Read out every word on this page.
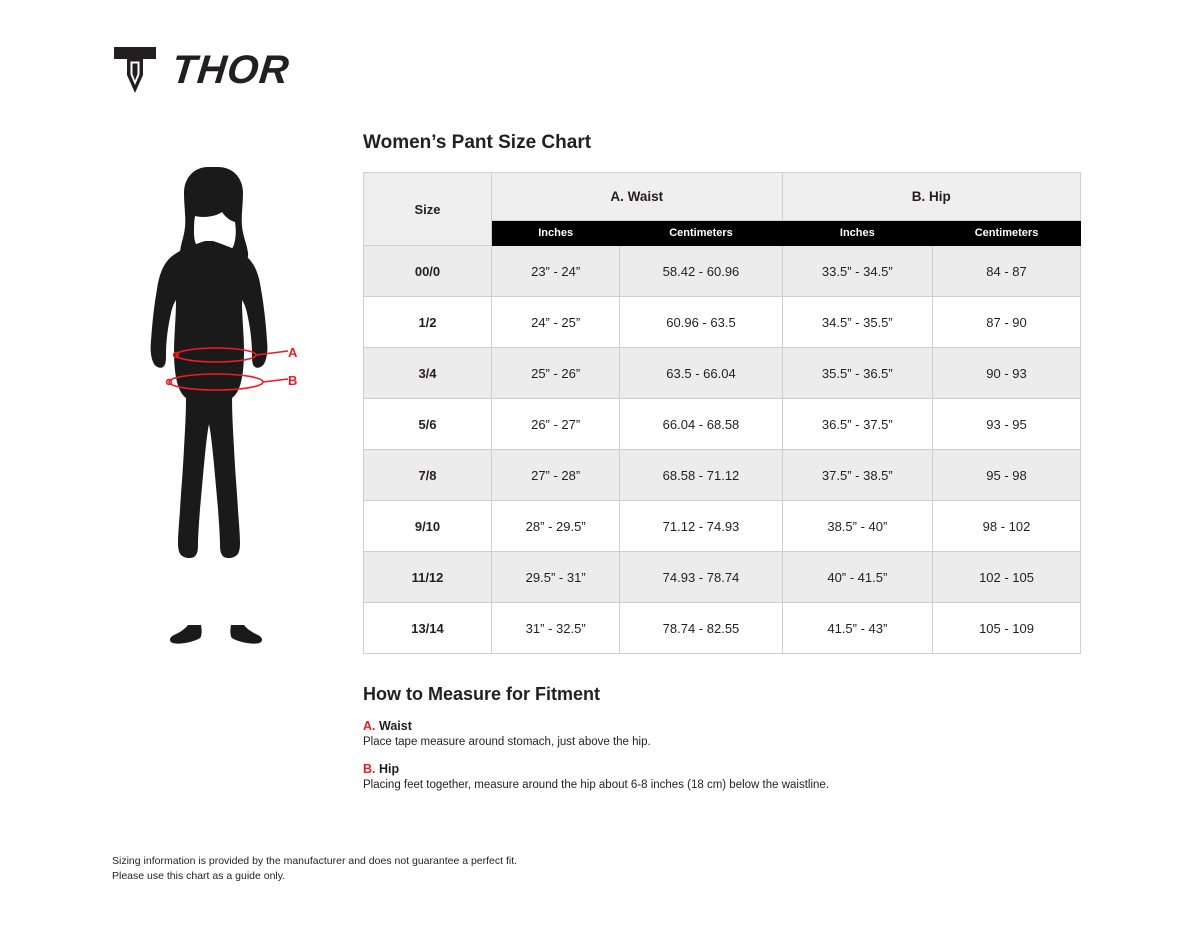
THOR
A
B
Women’s Pant Size Chart
Size	A. Waist		B. Hip	
	Inches	Centimeters	Inches	Centimeters
00/0	23” - 24”	58.42 - 60.96	33.5” - 34.5”	84 - 87
1/2	24” - 25”	60.96 - 63.5	34.5” - 35.5”	87 - 90
3/4	25” - 26”	63.5 - 66.04	35.5” - 36.5”	90 - 93
5/6	26” - 27”	66.04 - 68.58	36.5” - 37.5”	93 - 95
7/8	27” - 28”	68.58 - 71.12	37.5” - 38.5”	95 - 98
9/10	28” - 29.5”	71.12 - 74.93	38.5” - 40”	98 - 102
11/12	29.5” - 31”	74.93 - 78.74	40” - 41.5”	102 - 105
13/14	31” - 32.5”	78.74 - 82.55	41.5” - 43”	105 - 109
How to Measure for Fitment
A. Waist
Place tape measure around stomach, just above the hip.
B. Hip
Placing feet together, measure around the hip about 6-8 inches (18 cm) below the waistline.
Sizing information is provided by the manufacturer and does not guarantee a perfect fit.
Please use this chart as a guide only.
